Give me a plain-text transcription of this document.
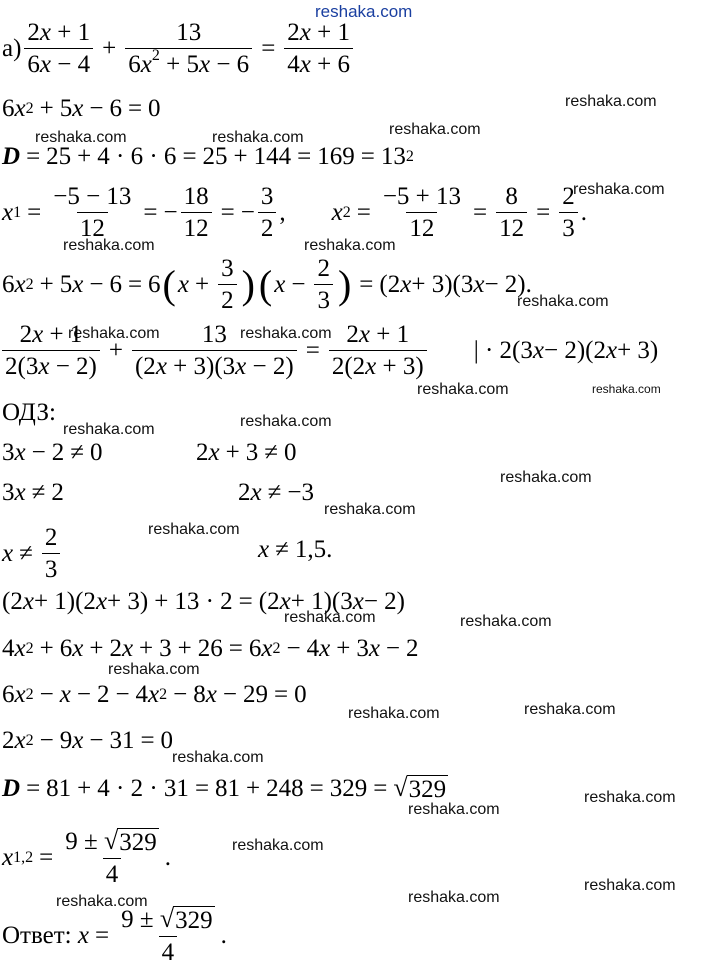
reshaka.com
reshaka.com
reshaka.com	reshaka.com	reshaka.com
reshaka.com
reshaka.com	reshaka.com
reshaka.com
reshaka.com	reshaka.com
reshaka.com	reshaka.com
reshaka.com	reshaka.com
reshaka.com
reshaka.com
reshaka.com
reshaka.com	reshaka.com
reshaka.com
reshaka.com	reshaka.com
reshaka.com
reshaka.com
reshaka.com
reshaka.com
reshaka.com
reshaka.com
reshaka.com
$а) \frac{2x + 1}{6x - 4} + \frac{13}{6x^2 + 5x - 6} = \frac{2x + 1}{4x + 6}$
6 x 2 + 5 x − 6 = 0
D = 25 + 4 · 6 · 6 = 25 + 144 = 169 = 13 2
x $1 = \frac{-5 - 13}{12}$ = − $\frac{18}{12}$ = − $\frac{3}{2}$ , x $2 = \frac{-5 + 13}{12} = \frac{8}{12} = \frac{2}{3}$ .
6 x 2 + 5 x − 6 = 6 ( $x + \frac{3}{2}$ ) ( $x - \frac{2}{3}$ ) = (2 x + 3)(3 x − 2).
$\frac{2x + 1}{2(3x - 2)} + \frac{13}{(2x + 3)(3x - 2)} = \frac{2x + 1}{2(2x + 3)}$ | · 2(3 x − 2)(2 x + 3)
ОДЗ:
3 x − 2 ≠ 0	2 x + 3 ≠ 0
3 x ≠ 2	2 x ≠ −3
$x \ne \frac{2}{3}$	x ≠ 1,5.
(2 x + 1)(2 x + 3) + 13 · 2 = (2 x + 1)(3 x − 2)
4 x 2 + 6 x + 2 x + 3 + 26 = 6 x 2 − 4 x + 3 x − 2
6 x 2 − x − 2 − 4 x 2 − 8 x − 29 = 0
2 x 2 − 9 x − 31 = 0
D = 81 + 4 · 2 · 31 = 81 + 248 = 329 = √ 329
x $1,2 = \frac{9 \pm √ 329}{4}$ .
Ответ:
$x = \frac{9 \pm √ 329}{4}$ .
